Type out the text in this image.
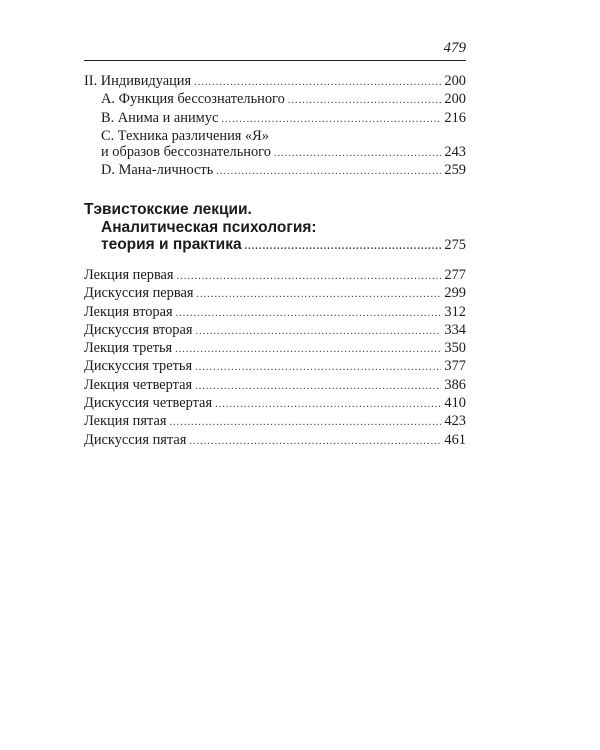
479
II. Индивидуация .....	200
A. Функция бессознательного .....	200
B. Анима и анимус .....	216
C. Техника различения «Я»
и образов бессознательного .....	243
D. Мана-личность .....	259
Тэвистокские лекции.
Аналитическая психология:
теория и практика .....	275
Лекция первая .....	277
Дискуссия первая .....	299
Лекция вторая .....	312
Дискуссия вторая .....	334
Лекция третья .....	350
Дискуссия третья .....	377
Лекция четвертая .....	386
Дискуссия четвертая .....	410
Лекция пятая .....	423
Дискуссия пятая .....	461
